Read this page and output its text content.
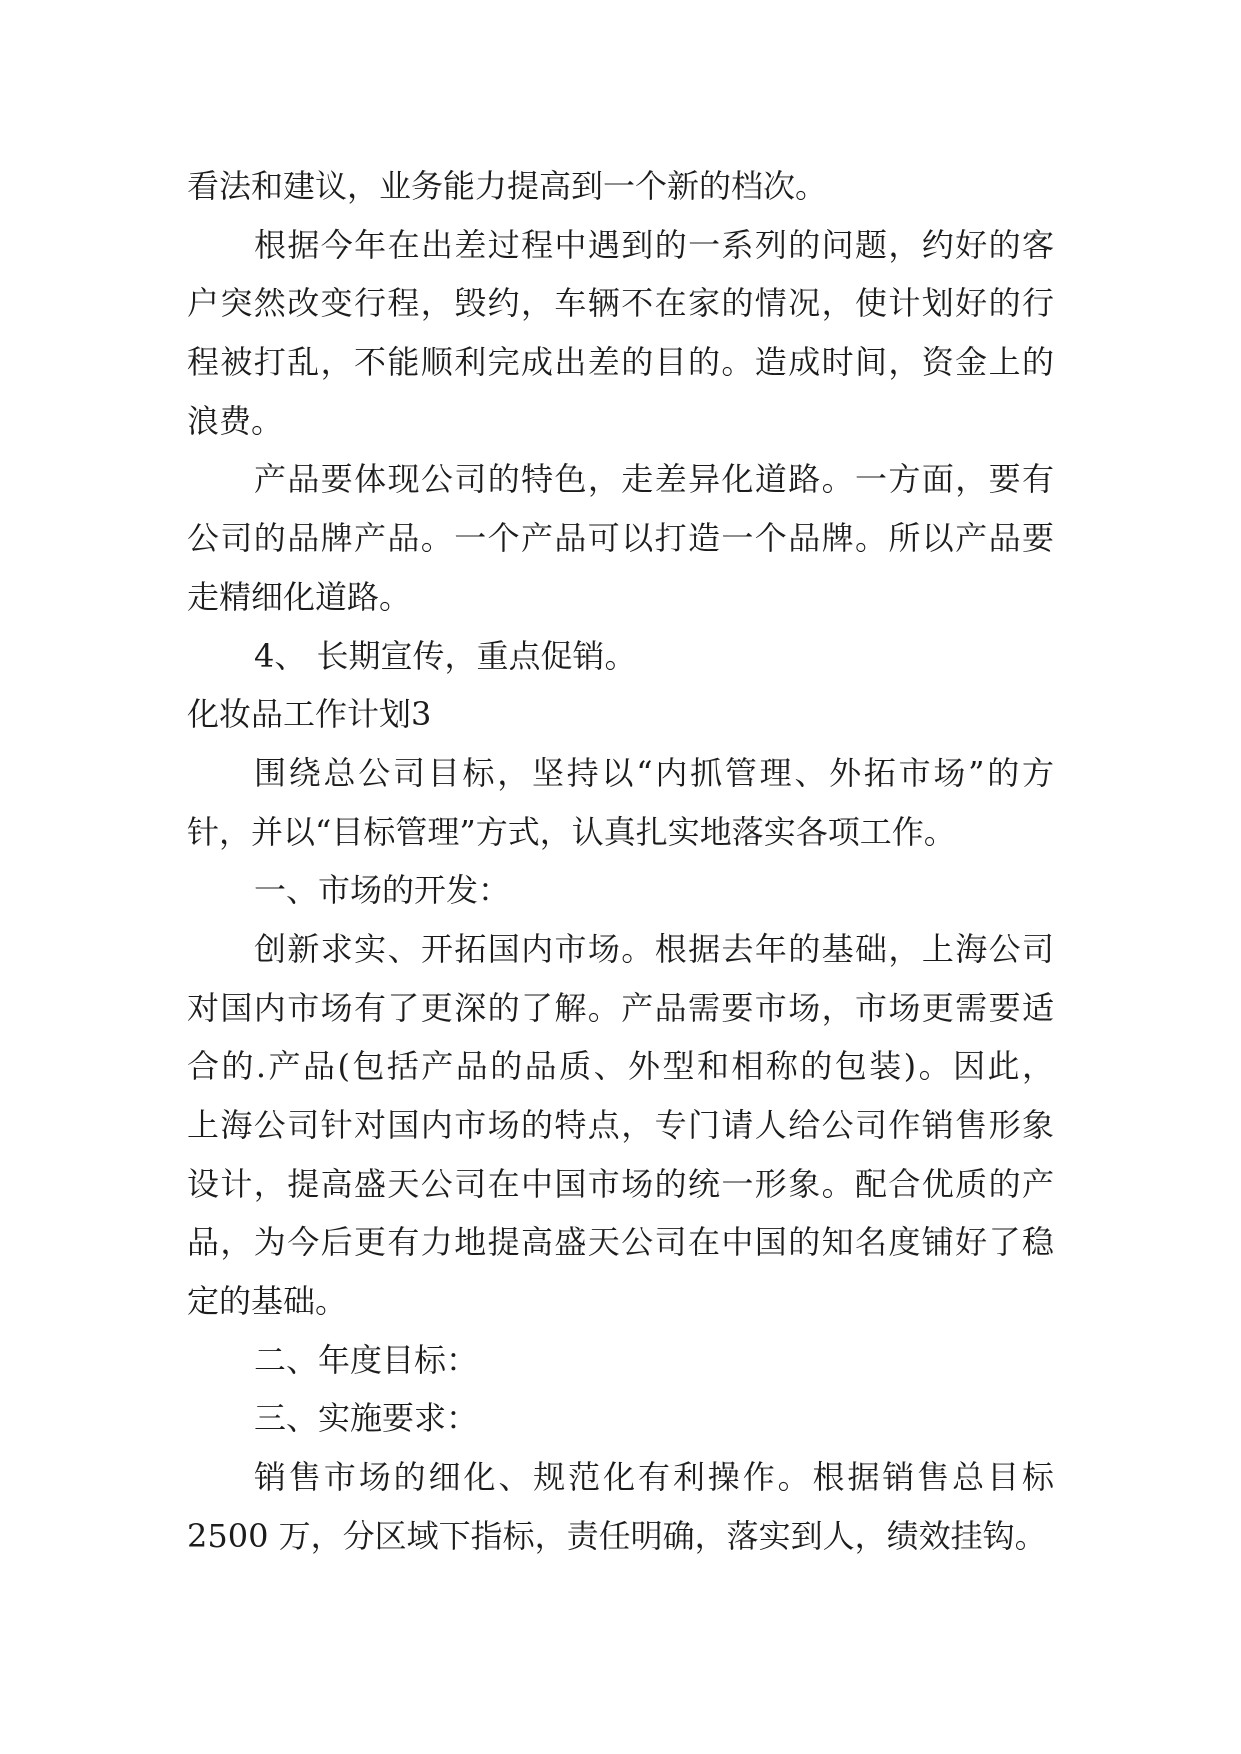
看法和建议，业务能力提高到一个新的档次。
根据今年在出差过程中遇到的一系列的问题，约好的客
户突然改变行程，毁约，车辆不在家的情况，使计划好的行
程被打乱，不能顺利完成出差的目的。造成时间，资金上的
浪费。
产品要体现公司的特色，走差异化道路。一方面，要有
公司的品牌产品。一个产品可以打造一个品牌。所以产品要
走精细化道路。
4、 长期宣传，重点促销。
化妆品工作计划3
围绕总公司目标，坚持以“内抓管理、外拓市场”的方
针，并以“目标管理”方式，认真扎实地落实各项工作。
一、市场的开发：
创新求实、开拓国内市场。根据去年的基础，上海公司
对国内市场有了更深的了解。产品需要市场，市场更需要适
合的.产品(包括产品的品质、外型和相称的包装)。因此，
上海公司针对国内市场的特点，专门请人给公司作销售形象
设计，提高盛天公司在中国市场的统一形象。配合优质的产
品，为今后更有力地提高盛天公司在中国的知名度铺好了稳
定的基础。
二、年度目标：
三、实施要求：
销售市场的细化、规范化有利操作。根据销售总目标
2500 万，分区域下指标，责任明确，落实到人，绩效挂钩。
